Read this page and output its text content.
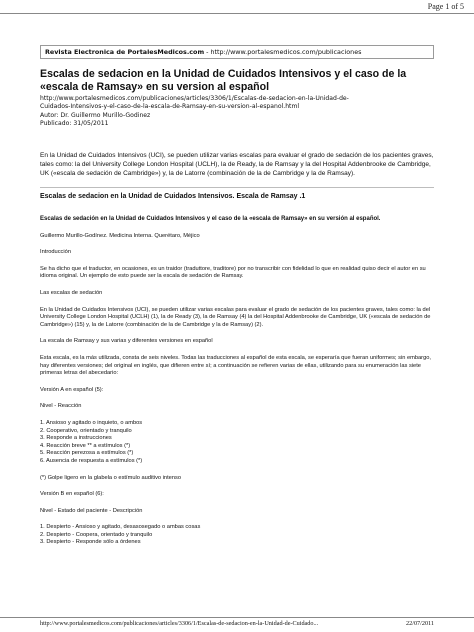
Page 1 of 5
Revista Electronica de PortalesMedicos.com - http://www.portalesmedicos.com/publicaciones
Escalas de sedacion en la Unidad de Cuidados Intensivos y el caso de la
«escala de Ramsay» en su version al español
http://www.portalesmedicos.com/publicaciones/articles/3306/1/Escalas-de-sedacion-en-la-Unidad-de-
Cuidados-Intensivos-y-el-caso-de-la-escala-de-Ramsay-en-su-version-al-espanol.html
Autor: Dr. Guillermo Murillo-Godinez
Publicado: 31/05/2011
En la Unidad de Cuidados Intensivos (UCI), se pueden utilizar varias escalas para evaluar el grado de sedación de los pacientes graves, tales como: la del University College London Hospital (UCLH), la de Ready, la de Ramsay y la del Hospital Addenbrooke de Cambridge, UK («escala de sedación de Cambridge») y, la de Latorre (combinación de la de Cambridge y la de Ramsay).
Escalas de sedacion en la Unidad de Cuidados Intensivos. Escala de Ramsay .1
Escalas de sedación en la Unidad de Cuidados Intensivos y el caso de la «escala de Ramsay» en su versión al español.

Guillermo Murillo-Godínez. Medicina Interna. Querétaro, Méjico

Introducción

Se ha dicho que el traductor, en ocasiones, es un traidor (traduttore, traditore) por no transcribir con fidelidad lo que en realidad quiso decir el autor en su idioma original. Un ejemplo de esto puede ser la escala de sedación de Ramsay.

Las escalas de sedación

En la Unidad de Cuidados Intensivos (UCI), se pueden utilizar varias escalas para evaluar el grado de sedación de los pacientes graves, tales como: la del University College London Hospital (UCLH) (1), la de Ready (3), la de Ramsay (4) la del Hospital Addenbrooke de Cambridge, UK («escala de sedación de Cambridge») (15) y, la de Latorre (combinación de la de Cambridge y la de Ramsay) (2).

La escala de Ramsay y sus varias y diferentes versiones en español

Esta escala, es la más utilizada, consta de seis niveles. Todas las traducciones al español de esta escala, se esperaría que fueran uniformes; sin embargo, hay diferentes versiones; del original en inglés, que difieren entre sí; a continuación se refieren varias de ellas, utilizando para su enumeración las siete primeras letras del abecedario:

Versión A en español (5):

Nivel - Reacción

1. Ansioso y agitado o inquieto, o ambos
2. Cooperativo, orientado y tranquilo
3. Responde a instrucciones
4. Reacción breve ** a estímulos (*)
5. Reacción perezosa a estímulos (*)
6. Ausencia de respuesta a estímulos (*)

(*) Golpe ligero en la glabela o estímulo auditivo intenso

Versión B en español (6):

Nivel - Estado del paciente - Descripción

1. Despierto - Ansioso y agitado, desasosegado o ambas cosas
2. Despierto - Coopera, orientado y tranquilo
3. Despierto - Responde sólo a órdenes

http://www.portalesmedicos.com/publicaciones/articles/3306/1/Escalas-de-sedacion-en-la-Unidad-de-Cuidado...	22/07/2011
